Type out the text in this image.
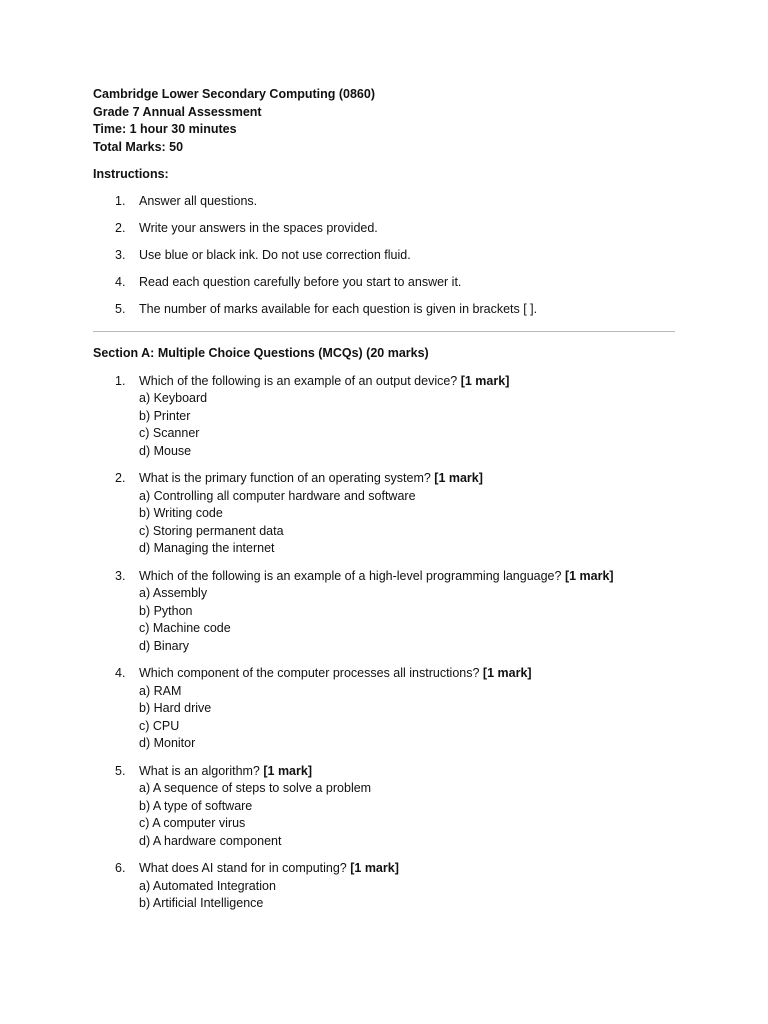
Cambridge Lower Secondary Computing (0860)
Grade 7 Annual Assessment
Time: 1 hour 30 minutes
Total Marks: 50
Instructions:
1. Answer all questions.
2. Write your answers in the spaces provided.
3. Use blue or black ink. Do not use correction fluid.
4. Read each question carefully before you start to answer it.
5. The number of marks available for each question is given in brackets [ ].
Section A: Multiple Choice Questions (MCQs) (20 marks)
1. Which of the following is an example of an output device? [1 mark]
a) Keyboard
b) Printer
c) Scanner
d) Mouse
2. What is the primary function of an operating system? [1 mark]
a) Controlling all computer hardware and software
b) Writing code
c) Storing permanent data
d) Managing the internet
3. Which of the following is an example of a high-level programming language? [1 mark]
a) Assembly
b) Python
c) Machine code
d) Binary
4. Which component of the computer processes all instructions? [1 mark]
a) RAM
b) Hard drive
c) CPU
d) Monitor
5. What is an algorithm? [1 mark]
a) A sequence of steps to solve a problem
b) A type of software
c) A computer virus
d) A hardware component
6. What does AI stand for in computing? [1 mark]
a) Automated Integration
b) Artificial Intelligence
